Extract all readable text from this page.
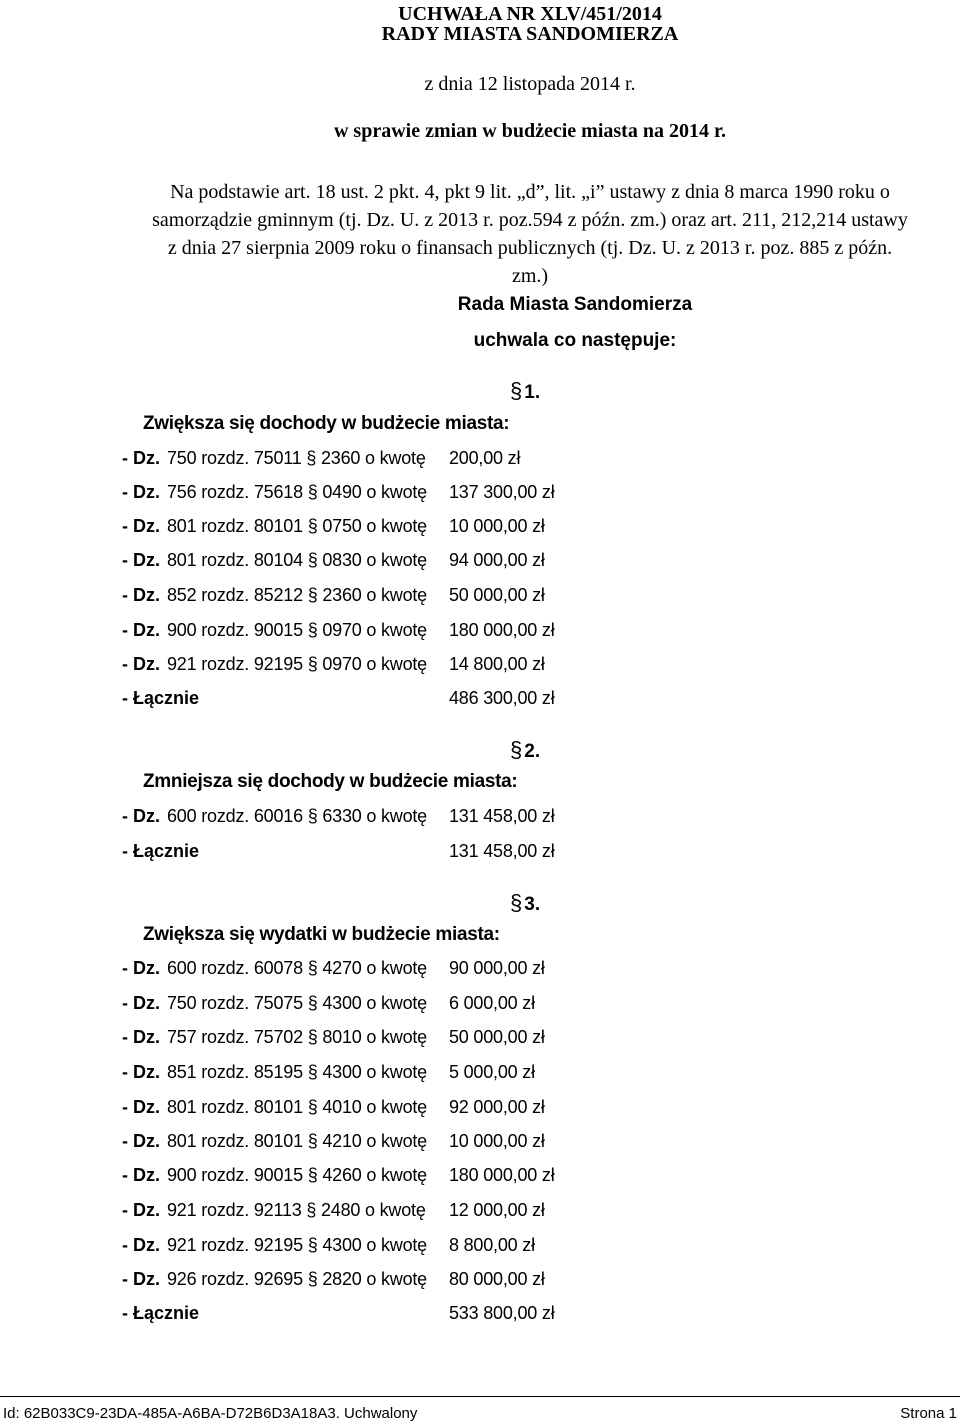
UCHWAŁA NR XLV/451/2014
RADY MIASTA SANDOMIERZA
z dnia 12 listopada 2014 r.
w sprawie zmian w budżecie miasta na 2014 r.
Na podstawie art. 18 ust. 2 pkt. 4, pkt 9 lit. „d”, lit. „i” ustawy z dnia 8 marca 1990 roku o samorządzie gminnym (tj. Dz. U. z 2013 r. poz.594 z późn. zm.) oraz art. 211, 212,214 ustawy z dnia 27 sierpnia 2009 roku o finansach publicznych (tj. Dz. U. z 2013 r. poz. 885 z późn. zm.)
Rada Miasta Sandomierza
uchwala co następuje:
§ 1.
Zwiększa się dochody w budżecie miasta:
- Dz. 750 rozdz. 75011 § 2360 o kwotę 200,00 zł
- Dz. 756 rozdz. 75618 § 0490 o kwotę 137 300,00 zł
- Dz. 801 rozdz. 80101 § 0750 o kwotę 10 000,00 zł
- Dz. 801 rozdz. 80104 § 0830 o kwotę 94 000,00 zł
- Dz. 852 rozdz. 85212 § 2360 o kwotę 50 000,00 zł
- Dz. 900 rozdz. 90015 § 0970 o kwotę 180 000,00 zł
- Dz. 921 rozdz. 92195 § 0970 o kwotę 14 800,00 zł
- Łącznie	486 300,00 zł
§ 2.
Zmniejsza się dochody w budżecie miasta:
- Dz. 600 rozdz. 60016 § 6330 o kwotę 131 458,00 zł
- Łącznie	131 458,00 zł
§ 3.
Zwiększa się wydatki w budżecie miasta:
- Dz. 600 rozdz. 60078 § 4270 o kwotę 90 000,00 zł
- Dz. 750 rozdz. 75075 § 4300 o kwotę 6 000,00 zł
- Dz. 757 rozdz. 75702 § 8010 o kwotę 50 000,00 zł
- Dz. 851 rozdz. 85195 § 4300 o kwotę 5 000,00 zł
- Dz. 801 rozdz. 80101 § 4010 o kwotę 92 000,00 zł
- Dz. 801 rozdz. 80101 § 4210 o kwotę 10 000,00 zł
- Dz. 900 rozdz. 90015 § 4260 o kwotę 180 000,00 zł
- Dz. 921 rozdz. 92113 § 2480 o kwotę 12 000,00 zł
- Dz. 921 rozdz. 92195 § 4300 o kwotę 8 800,00 zł
- Dz. 926 rozdz. 92695 § 2820 o kwotę 80 000,00 zł
- Łącznie	533 800,00 zł
Id: 62B033C9-23DA-485A-A6BA-D72B6D3A18A3. Uchwalony	Strona 1
